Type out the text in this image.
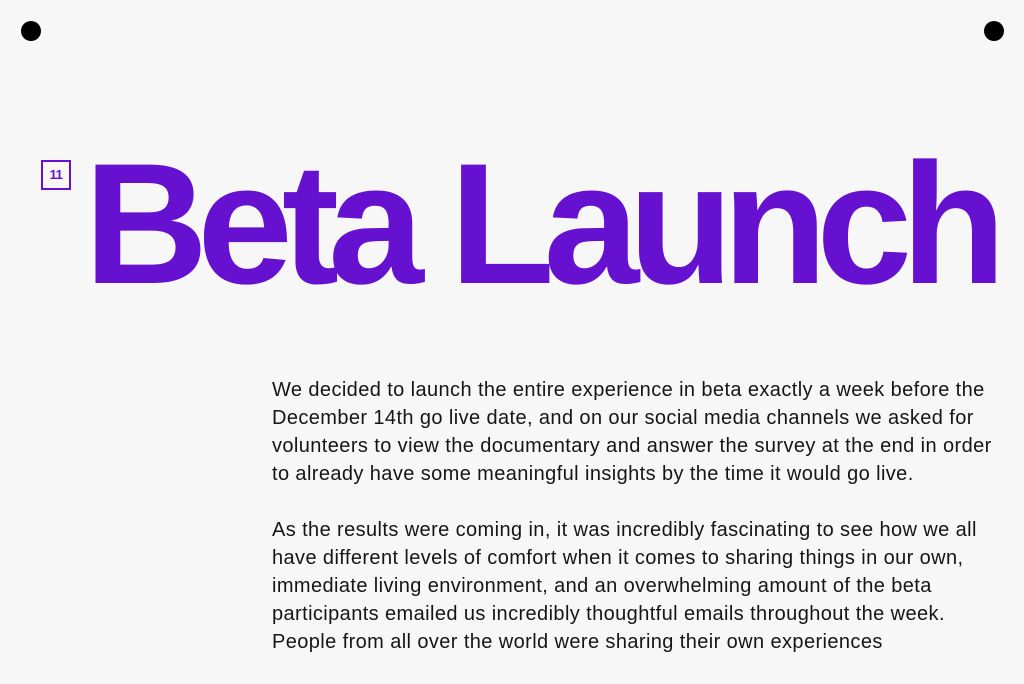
11 Beta Launch

We decided to launch the entire experience in beta exactly a week before the December 14th go live date, and on our social media channels we asked for volunteers to view the documentary and answer the survey at the end in order to already have some meaningful insights by the time it would go live.

As the results were coming in, it was incredibly fascinating to see how we all have different levels of comfort when it comes to sharing things in our own, immediate living environment, and an overwhelming amount of the beta participants emailed us incredibly thoughtful emails throughout the week. People from all over the world were sharing their own experiences
